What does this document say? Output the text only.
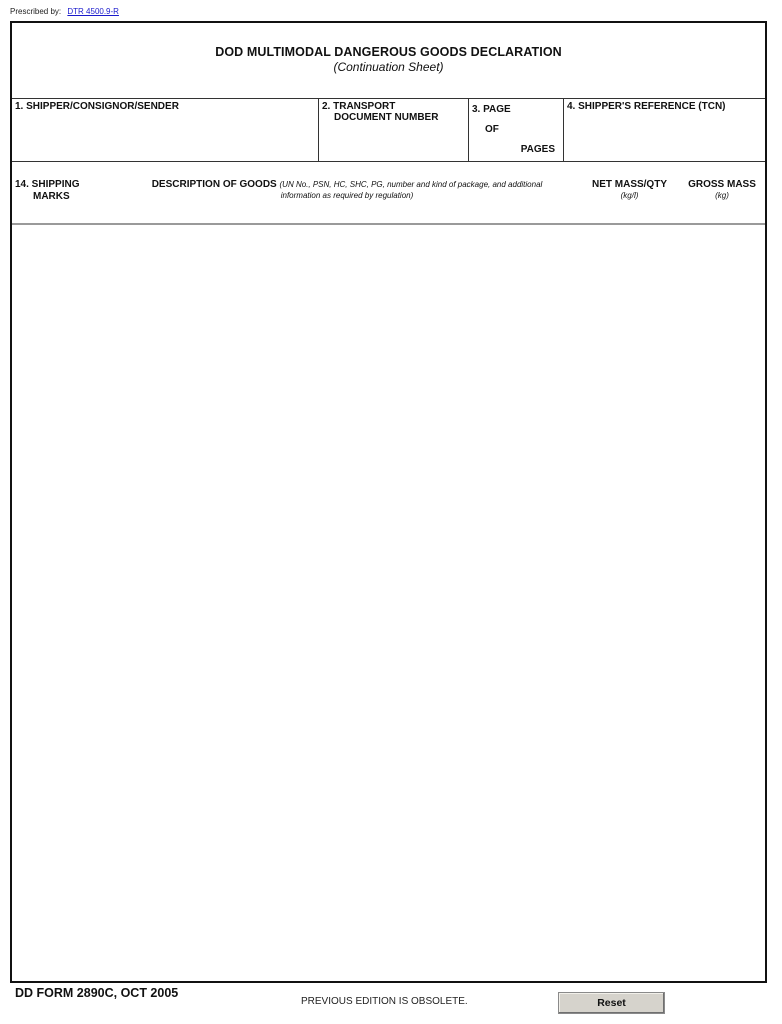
Prescribed by: DTR 4500.9-R
DOD MULTIMODAL DANGEROUS GOODS DECLARATION
(Continuation Sheet)
1. SHIPPER/CONSIGNOR/SENDER	2. TRANSPORT
DOCUMENT NUMBER
3. PAGE
OF
PAGES
4. SHIPPER'S REFERENCE (TCN)
14. SHIPPING
MARKS
DESCRIPTION OF GOODS (UN No., PSN, HC, SHC, PG, number and kind of package, and additional
information as required by regulation)
NET MASS/QTY
(kg/l)
GROSS MASS
(kg)
DD FORM 2890C, OCT 2005
PREVIOUS EDITION IS OBSOLETE.	Reset
